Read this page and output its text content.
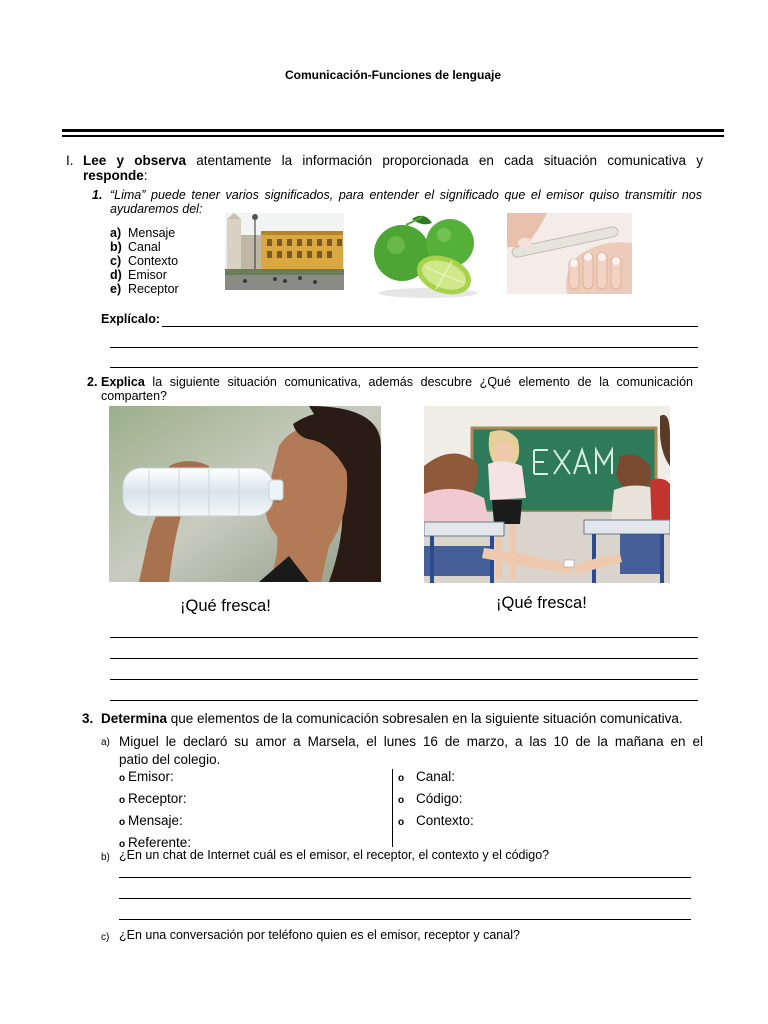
Comunicación-Funciones de lenguaje
I. Lee y observa atentamente la información proporcionada en cada situación comunicativa y
responde:
1. “Lima” puede tener varios significados, para entender el significado que el emisor quiso transmitir nos
ayudaremos del:
a) Mensaje
b) Canal
c) Contexto
d) Emisor
e) Receptor
Explícalo:
2. Explica la siguiente situación comunicativa, además descubre ¿Qué elemento de la comunicación
comparten?
¡Qué fresca!	¡Qué fresca!
3. Determina que elementos de la comunicación sobresalen en la siguiente situación comunicativa.
a) Miguel le declaró su amor a Marsela, el lunes 16 de marzo, a las 10 de la mañana en el
patio del colegio.
o Emisor:
o Receptor:
o Mensaje:
o Referente:
o Canal:
o Código:
o Contexto:
b) ¿En un chat de Internet cuál es el emisor, el receptor, el contexto y el código?
c) ¿En una conversación por teléfono quien es el emisor, receptor y canal?
